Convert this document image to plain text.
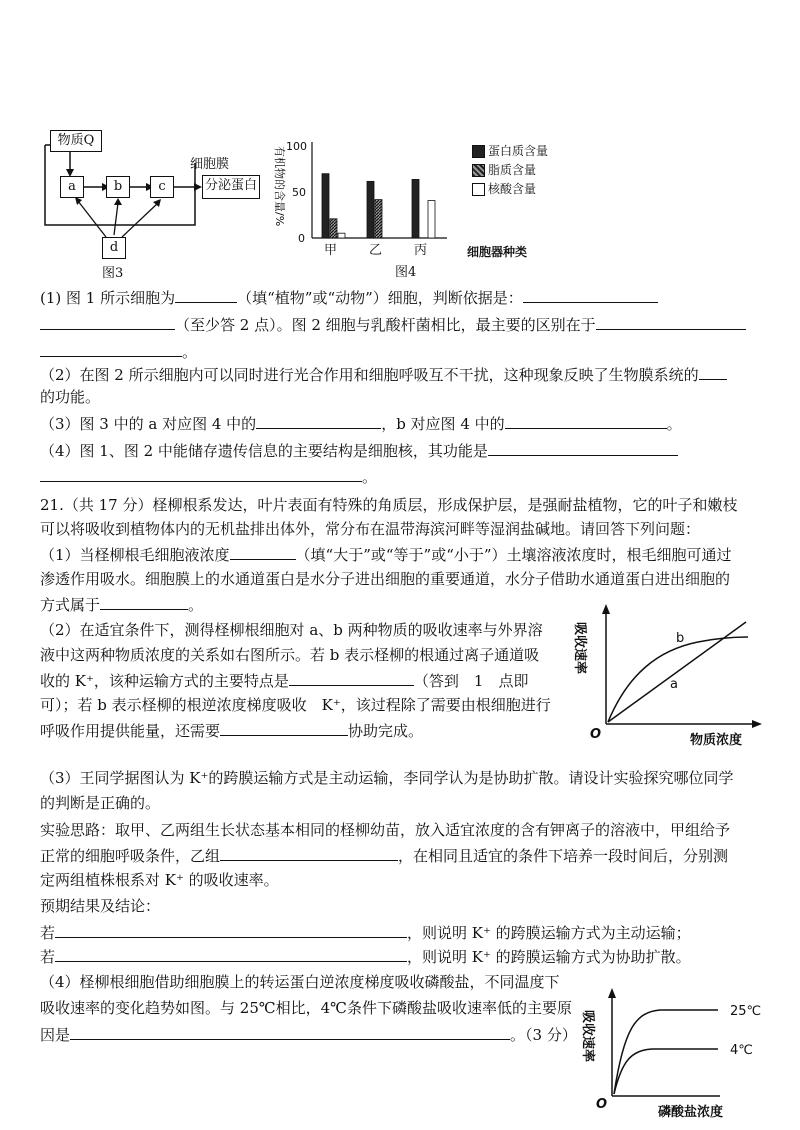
物质Q
a	b	c
d
细胞膜
分泌蛋白
图3
有机物的含量/% 100
50
0
甲 乙 丙	细胞器种类
图4
蛋白质含量
脂质含量
核酸含量
(1) 图 1 所示细胞为	（填“植物”或“动物”）细胞，判断依据是：
（至少答 2 点）。图 2 细胞与乳酸杆菌相比，最主要的区别在于
。
（2）在图 2 所示细胞内可以同时进行光合作用和细胞呼吸互不干扰，这种现象反映了生物膜系统的
的功能。
（3）图 3 中的 a 对应图 4 中的	，b 对应图 4 中的	。
（4）图 1、图 2 中能储存遗传信息的主要结构是细胞核，其功能是
。
21.（共 17 分）柽柳根系发达，叶片表面有特殊的角质层，形成保护层，是强耐盐植物，它的叶子和嫩枝
可以将吸收到植物体内的无机盐排出体外，常分布在温带海滨河畔等湿润盐碱地。请回答下列问题：
（1）当柽柳根毛细胞液浓度	（填“大于”或“等于”或“小于”）土壤溶液浓度时，根毛细胞可通过
渗透作用吸水。细胞膜上的水通道蛋白是水分子进出细胞的重要通道，水分子借助水通道蛋白进出细胞的
方式属于	。
（2）在适宜条件下，测得柽柳根细胞对 a、b 两种物质的吸收速率与外界溶
液中这两种物质浓度的关系如右图所示。若 b 表示柽柳的根通过离子通道吸
收的 K⁺，该种运输方式的主要特点是	（答到　1　点即
可）；若 b 表示柽柳的根逆浓度梯度吸收　K⁺，该过程除了需要由根细胞进行
呼吸作用提供能量，还需要	协助完成。
吸收速率
O
b
a
物质浓度
（3）王同学据图认为 K⁺的跨膜运输方式是主动运输，李同学认为是协助扩散。请设计实验探究哪位同学
的判断是正确的。
实验思路：取甲、乙两组生长状态基本相同的柽柳幼苗，放入适宜浓度的含有钾离子的溶液中，甲组给予
正常的细胞呼吸条件，乙组	，在相同且适宜的条件下培养一段时间后，分别测
定两组植株根系对 K⁺ 的吸收速率。
预期结果及结论：
若	，则说明 K⁺ 的跨膜运输方式为主动运输；
若	，则说明 K⁺ 的跨膜运输方式为协助扩散。
（4）柽柳根细胞借助细胞膜上的转运蛋白逆浓度梯度吸收磷酸盐，不同温度下
吸收速率的变化趋势如图。与 25℃相比，4℃条件下磷酸盐吸收速率低的主要原
因是	。（3 分） 吸收速率	25℃
4℃
O
磷酸盐浓度
